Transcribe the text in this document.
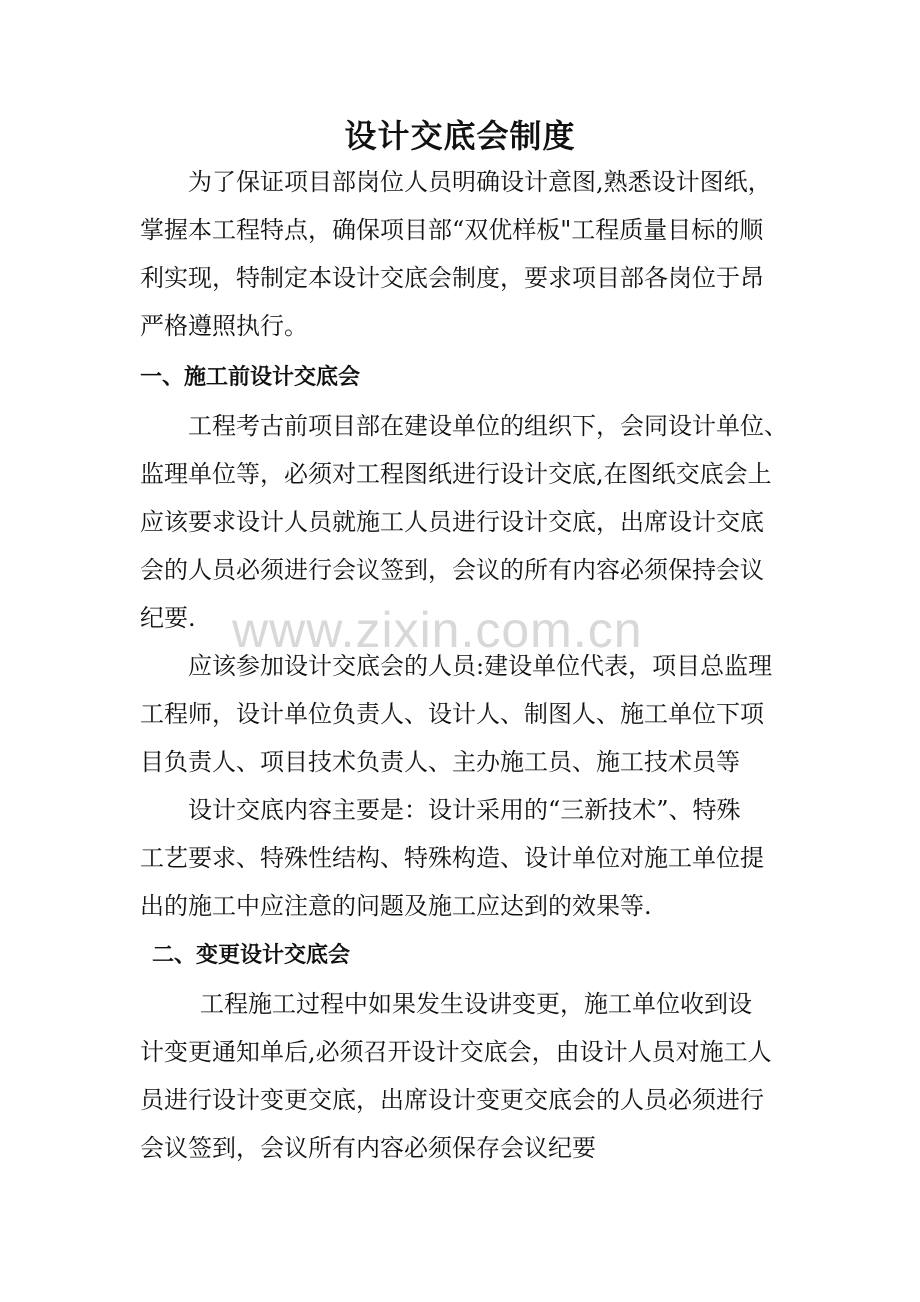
设计交底会制度
为了保证项目部岗位人员明确设计意图,熟悉设计图纸，
掌握本工程特点，确保项目部“双优样板"工程质量目标的顺
利实现，特制定本设计交底会制度，要求项目部各岗位于昂
严格遵照执行。
一、施工前设计交底会
工程考古前项目部在建设单位的组织下，会同设计单位、
监理单位等，必须对工程图纸进行设计交底,在图纸交底会上
应该要求设计人员就施工人员进行设计交底，出席设计交底
会的人员必须进行会议签到，会议的所有内容必须保持会议
纪要.
应该参加设计交底会的人员:建设单位代表，项目总监理
工程师，设计单位负责人、设计人、制图人、施工单位下项
目负责人、项目技术负责人、主办施工员、施工技术员等
设计交底内容主要是：设计采用的“三新技术”、特殊
工艺要求、特殊性结构、特殊构造、设计单位对施工单位提
出的施工中应注意的问题及施工应达到的效果等.
二、变更设计交底会
工程施工过程中如果发生设讲变更，施工单位收到设
计变更通知单后,必须召开设计交底会，由设计人员对施工人
员进行设计变更交底，出席设计变更交底会的人员必须进行
会议签到，会议所有内容必须保存会议纪要
www.zixin.com.cn
